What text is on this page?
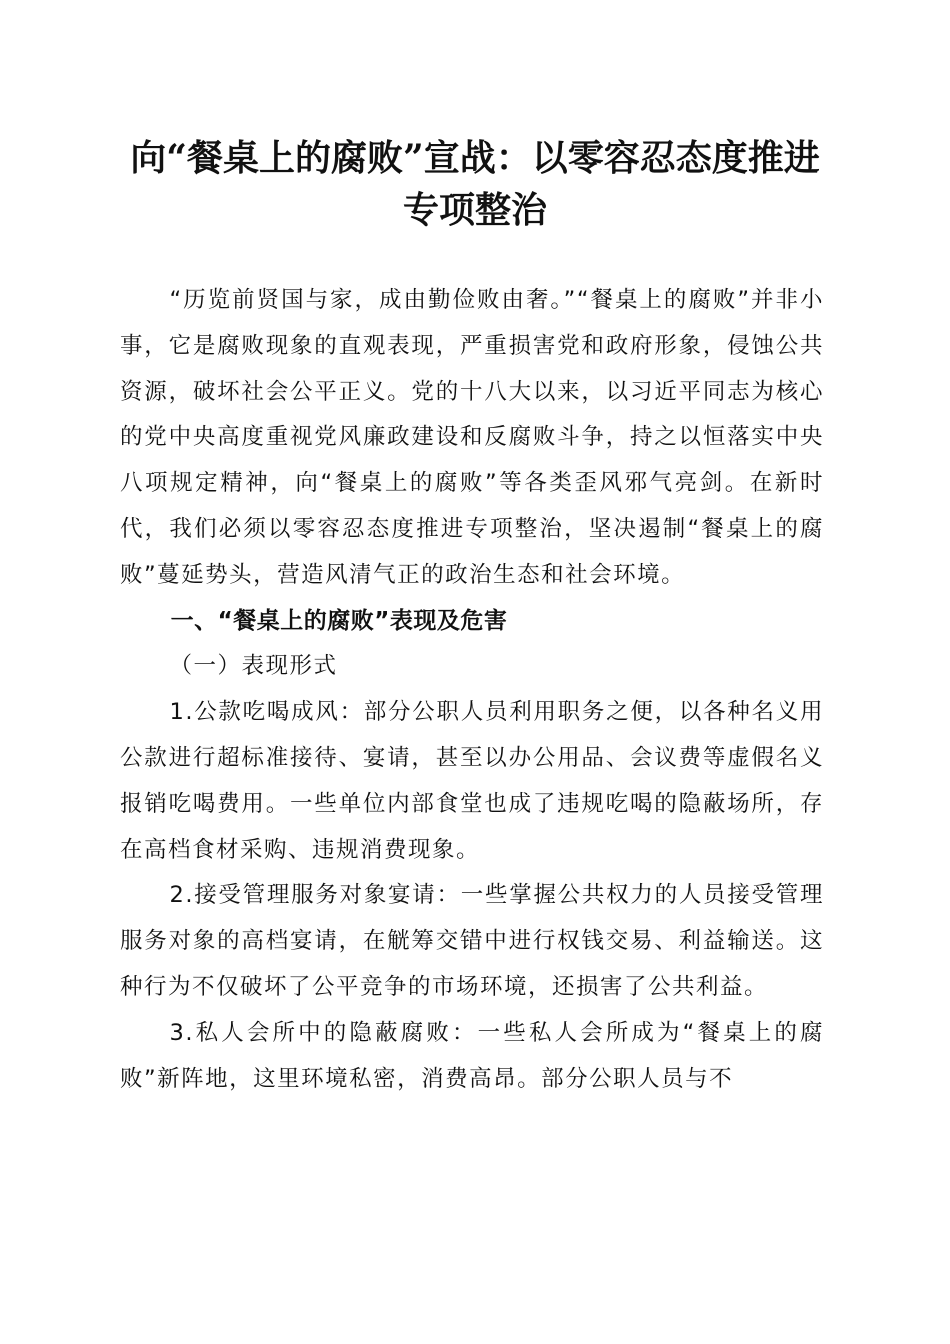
向“餐桌上的腐败”宣战：以零容忍态度推进
专项整治

“历览前贤国与家，成由勤俭败由奢。”“餐桌上的腐败”并非小事，它是腐败现象的直观表现，严重损害党和政府形象，侵蚀公共资源，破坏社会公平正义。党的十八大以来，以习近平同志为核心的党中央高度重视党风廉政建设和反腐败斗争，持之以恒落实中央八项规定精神，向“餐桌上的腐败”等各类歪风邪气亮剑。在新时代，我们必须以零容忍态度推进专项整治，坚决遏制“餐桌上的腐败”蔓延势头，营造风清气正的政治生态和社会环境。

一、“餐桌上的腐败”表现及危害
（一）表现形式

1.公款吃喝成风：部分公职人员利用职务之便，以各种名义用公款进行超标准接待、宴请，甚至以办公用品、会议费等虚假名义报销吃喝费用。一些单位内部食堂也成了违规吃喝的隐蔽场所，存在高档食材采购、违规消费现象。

2.接受管理服务对象宴请：一些掌握公共权力的人员接受管理服务对象的高档宴请，在觥筹交错中进行权钱交易、利益输送。这种行为不仅破坏了公平竞争的市场环境，还损害了公共利益。

3.私人会所中的隐蔽腐败：一些私人会所成为“餐桌上的腐败”新阵地，这里环境私密，消费高昂。部分公职人员与不
